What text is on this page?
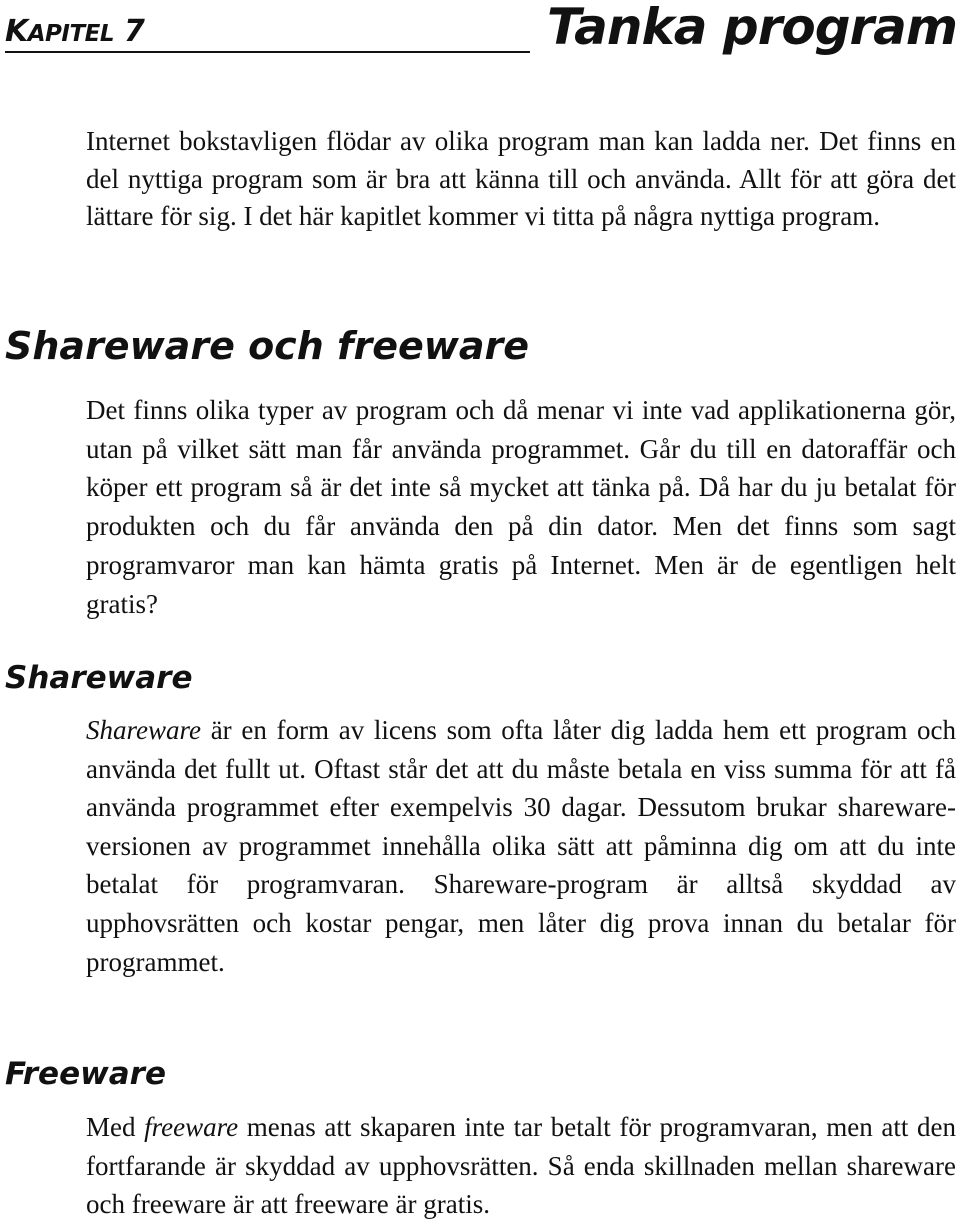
KAPITEL 7	Tanka program

Internet bokstavligen flödar av olika program man kan ladda ner. Det finns en del nyttiga program som är bra att känna till och använda. Allt för att göra det lättare för sig. I det här kapitlet kommer vi titta på några nyttiga program.

Shareware och freeware

Det finns olika typer av program och då menar vi inte vad applikationerna gör, utan på vilket sätt man får använda programmet. Går du till en datoraffär och köper ett program så är det inte så mycket att tänka på. Då har du ju betalat för produkten och du får använda den på din dator. Men det finns som sagt programvaror man kan hämta gratis på Internet. Men är de egentligen helt gratis?

Shareware

Shareware är en form av licens som ofta låter dig ladda hem ett program och använda det fullt ut. Oftast står det att du måste betala en viss summa för att få använda programmet efter exempelvis 30 dagar. Dessutom brukar shareware-versionen av programmet innehålla olika sätt att påminna dig om att du inte betalat för programvaran. Shareware-program är alltså skyddad av upphovsrätten och kostar pengar, men låter dig prova innan du betalar för programmet.

Freeware

Med freeware menas att skaparen inte tar betalt för programvaran, men att den fortfarande är skyddad av upphovsrätten. Så enda skillnaden mellan shareware och freeware är att freeware är gratis.
